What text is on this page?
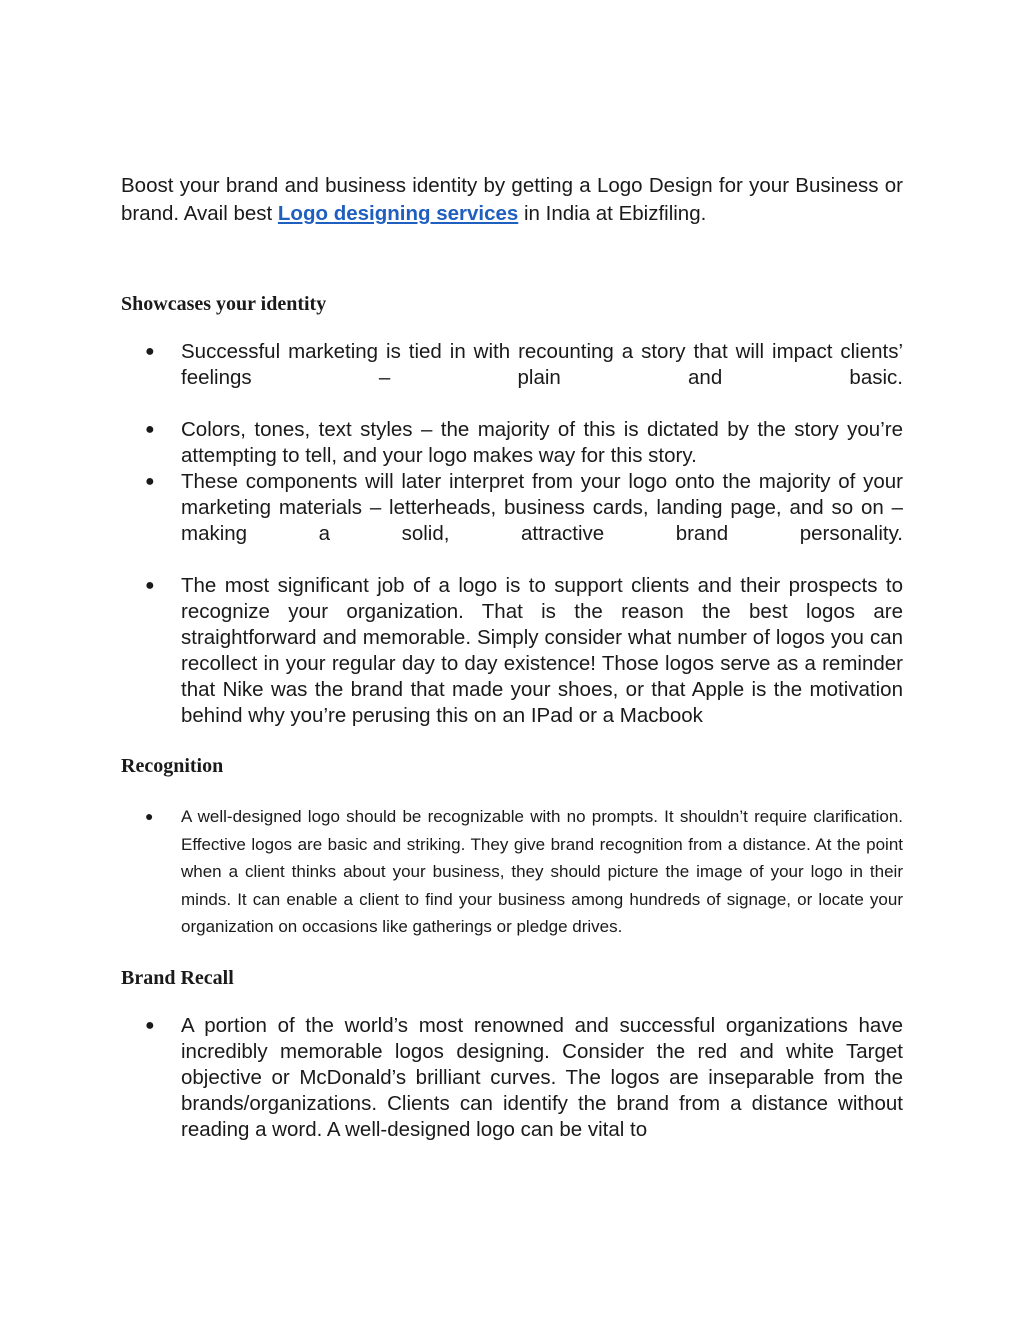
Boost your brand and business identity by getting a Logo Design for your Business or brand. Avail best Logo designing services in India at Ebizfiling.

Showcases your identity
● Successful marketing is tied in with recounting a story that will impact clients’ feelings – plain and basic.
● Colors, tones, text styles – the majority of this is dictated by the story you’re attempting to tell, and your logo makes way for this story.
● These components will later interpret from your logo onto the majority of your marketing materials – letterheads, business cards, landing page, and so on – making a solid, attractive brand personality.
● The most significant job of a logo is to support clients and their prospects to recognize your organization. That is the reason the best logos are straightforward and memorable. Simply consider what number of logos you can recollect in your regular day to day existence! Those logos serve as a reminder that Nike was the brand that made your shoes, or that Apple is the motivation behind why you’re perusing this on an IPad or a Macbook
Recognition
● A well-designed logo should be recognizable with no prompts. It shouldn’t require clarification. Effective logos are basic and striking. They give brand recognition from a distance. At the point when a client thinks about your business, they should picture the image of your logo in their minds. It can enable a client to find your business among hundreds of signage, or locate your organization on occasions like gatherings or pledge drives.
Brand Recall
● A portion of the world’s most renowned and successful organizations have incredibly memorable logos designing. Consider the red and white Target objective or McDonald’s brilliant curves. The logos are inseparable from the brands/organizations. Clients can identify the brand from a distance without reading a word. A well-designed logo can be vital to
